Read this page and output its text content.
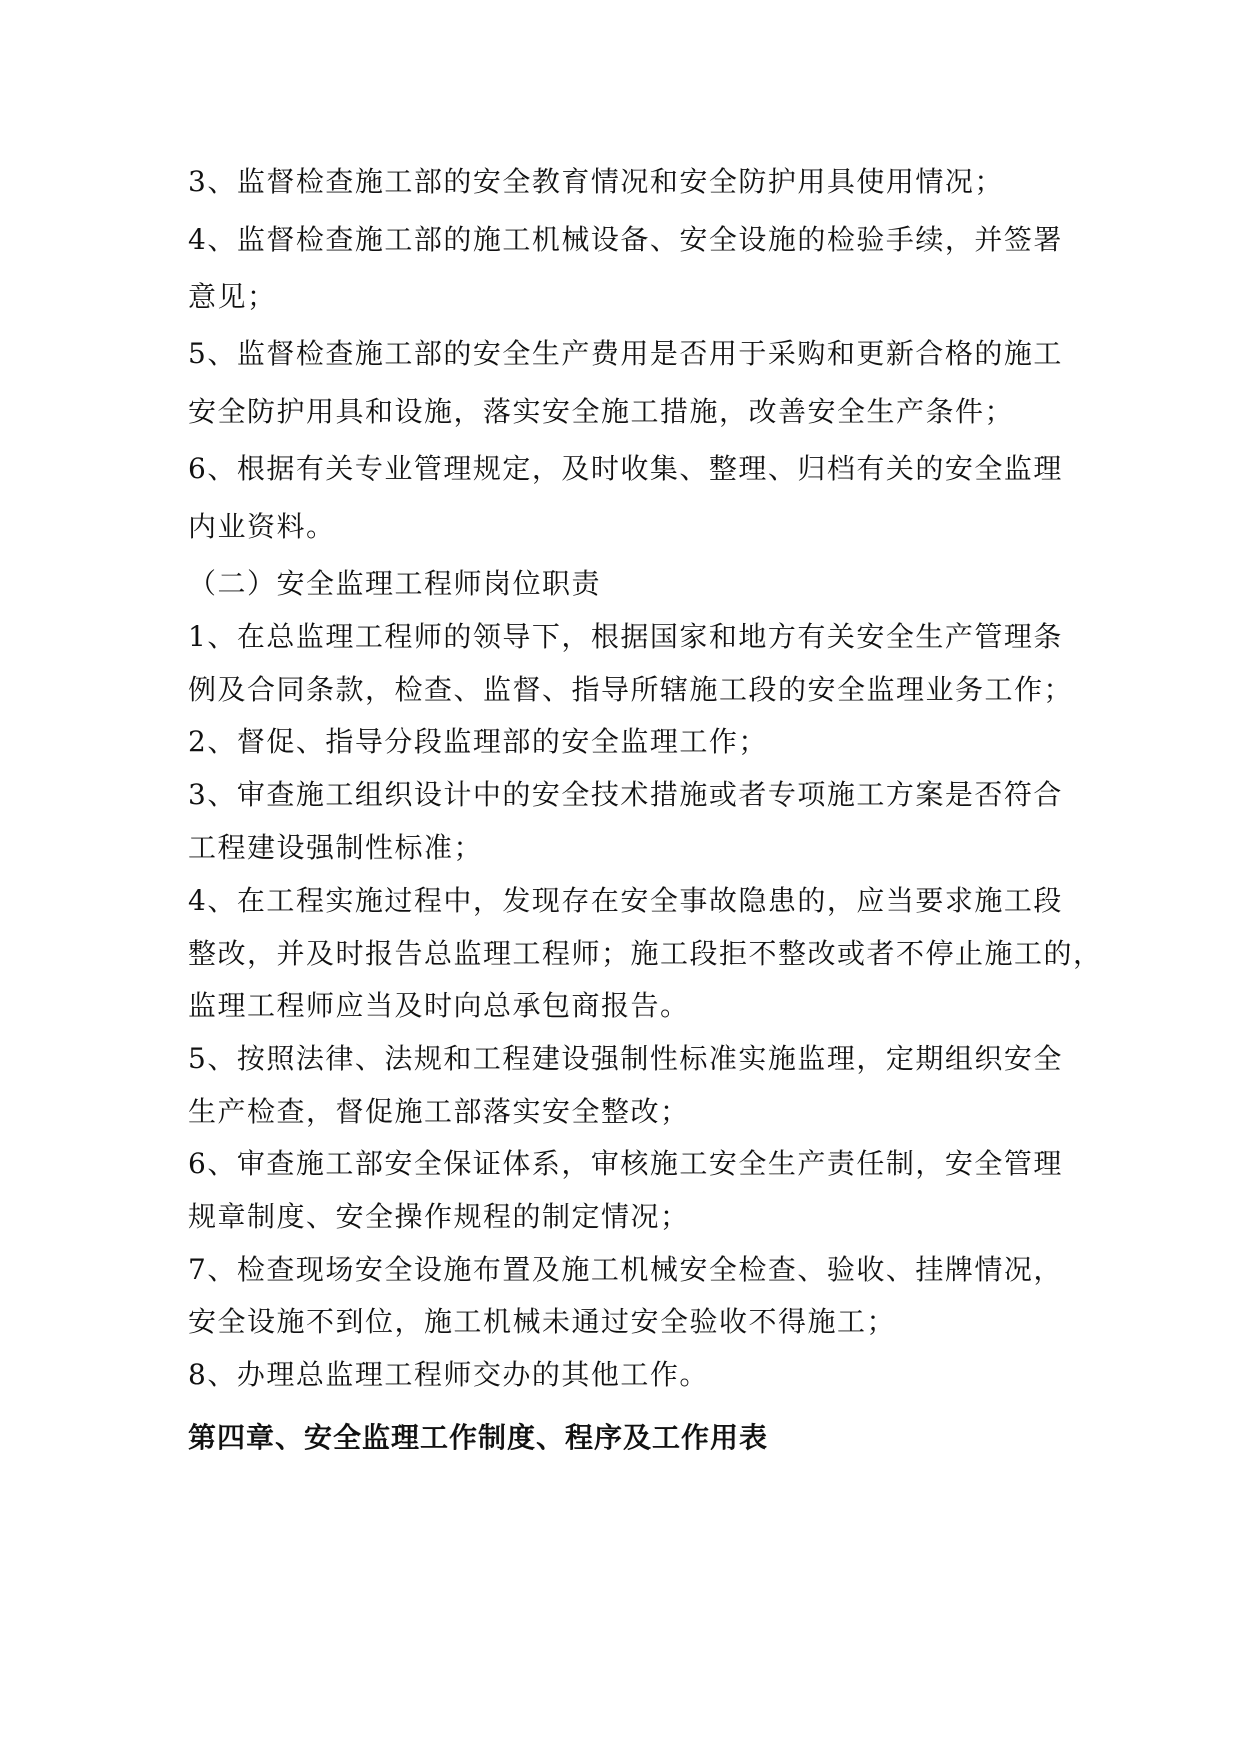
3、监督检查施工部的安全教育情况和安全防护用具使用情况；
4、监督检查施工部的施工机械设备、安全设施的检验手续，并签署
意见；
5、监督检查施工部的安全生产费用是否用于采购和更新合格的施工
安全防护用具和设施，落实安全施工措施，改善安全生产条件；
6、根据有关专业管理规定，及时收集、整理、归档有关的安全监理
内业资料。
（二）安全监理工程师岗位职责
1、在总监理工程师的领导下，根据国家和地方有关安全生产管理条
例及合同条款，检查、监督、指导所辖施工段的安全监理业务工作；
2、督促、指导分段监理部的安全监理工作；
3、审查施工组织设计中的安全技术措施或者专项施工方案是否符合
工程建设强制性标准；
4、在工程实施过程中，发现存在安全事故隐患的，应当要求施工段
整改，并及时报告总监理工程师；施工段拒不整改或者不停止施工的，
监理工程师应当及时向总承包商报告。
5、按照法律、法规和工程建设强制性标准实施监理，定期组织安全
生产检查，督促施工部落实安全整改；
6、审查施工部安全保证体系，审核施工安全生产责任制，安全管理
规章制度、安全操作规程的制定情况；
7、检查现场安全设施布置及施工机械安全检查、验收、挂牌情况，
安全设施不到位，施工机械未通过安全验收不得施工；
8、办理总监理工程师交办的其他工作。
第四章、安全监理工作制度、程序及工作用表
